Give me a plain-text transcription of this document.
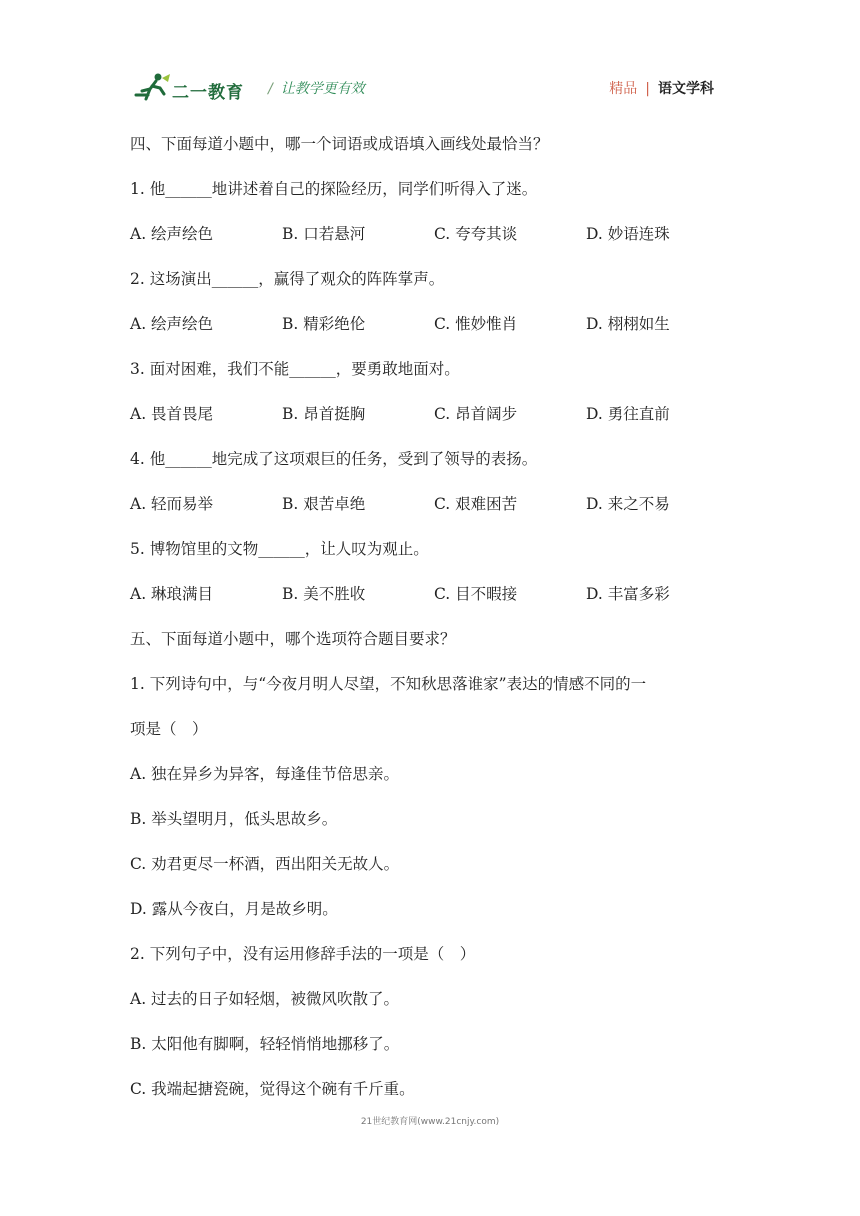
二一教育 / 让教学更有效	精品 | 语文学科
四、下面每道小题中，哪一个词语或成语填入画线处最恰当？
1. 他______地讲述着自己的探险经历，同学们听得入了迷。
A. 绘声绘色	B. 口若悬河	C. 夸夸其谈	D. 妙语连珠
2. 这场演出______，赢得了观众的阵阵掌声。
A. 绘声绘色	B. 精彩绝伦	C. 惟妙惟肖	D. 栩栩如生
3. 面对困难，我们不能______，要勇敢地面对。
A. 畏首畏尾	B. 昂首挺胸	C. 昂首阔步	D. 勇往直前
4. 他______地完成了这项艰巨的任务，受到了领导的表扬。
A. 轻而易举	B. 艰苦卓绝	C. 艰难困苦	D. 来之不易
5. 博物馆里的文物______，让人叹为观止。
A. 琳琅满目	B. 美不胜收	C. 目不暇接	D. 丰富多彩
五、下面每道小题中，哪个选项符合题目要求？
1. 下列诗句中，与“今夜月明人尽望，不知秋思落谁家”表达的情感不同的一
项是（　）
A. 独在异乡为异客，每逢佳节倍思亲。
B. 举头望明月，低头思故乡。
C. 劝君更尽一杯酒，西出阳关无故人。
D. 露从今夜白，月是故乡明。
2. 下列句子中，没有运用修辞手法的一项是（　）
A. 过去的日子如轻烟，被微风吹散了。
B. 太阳他有脚啊，轻轻悄悄地挪移了。
C. 我端起搪瓷碗，觉得这个碗有千斤重。
21世纪教育网(www.21cnjy.com)
